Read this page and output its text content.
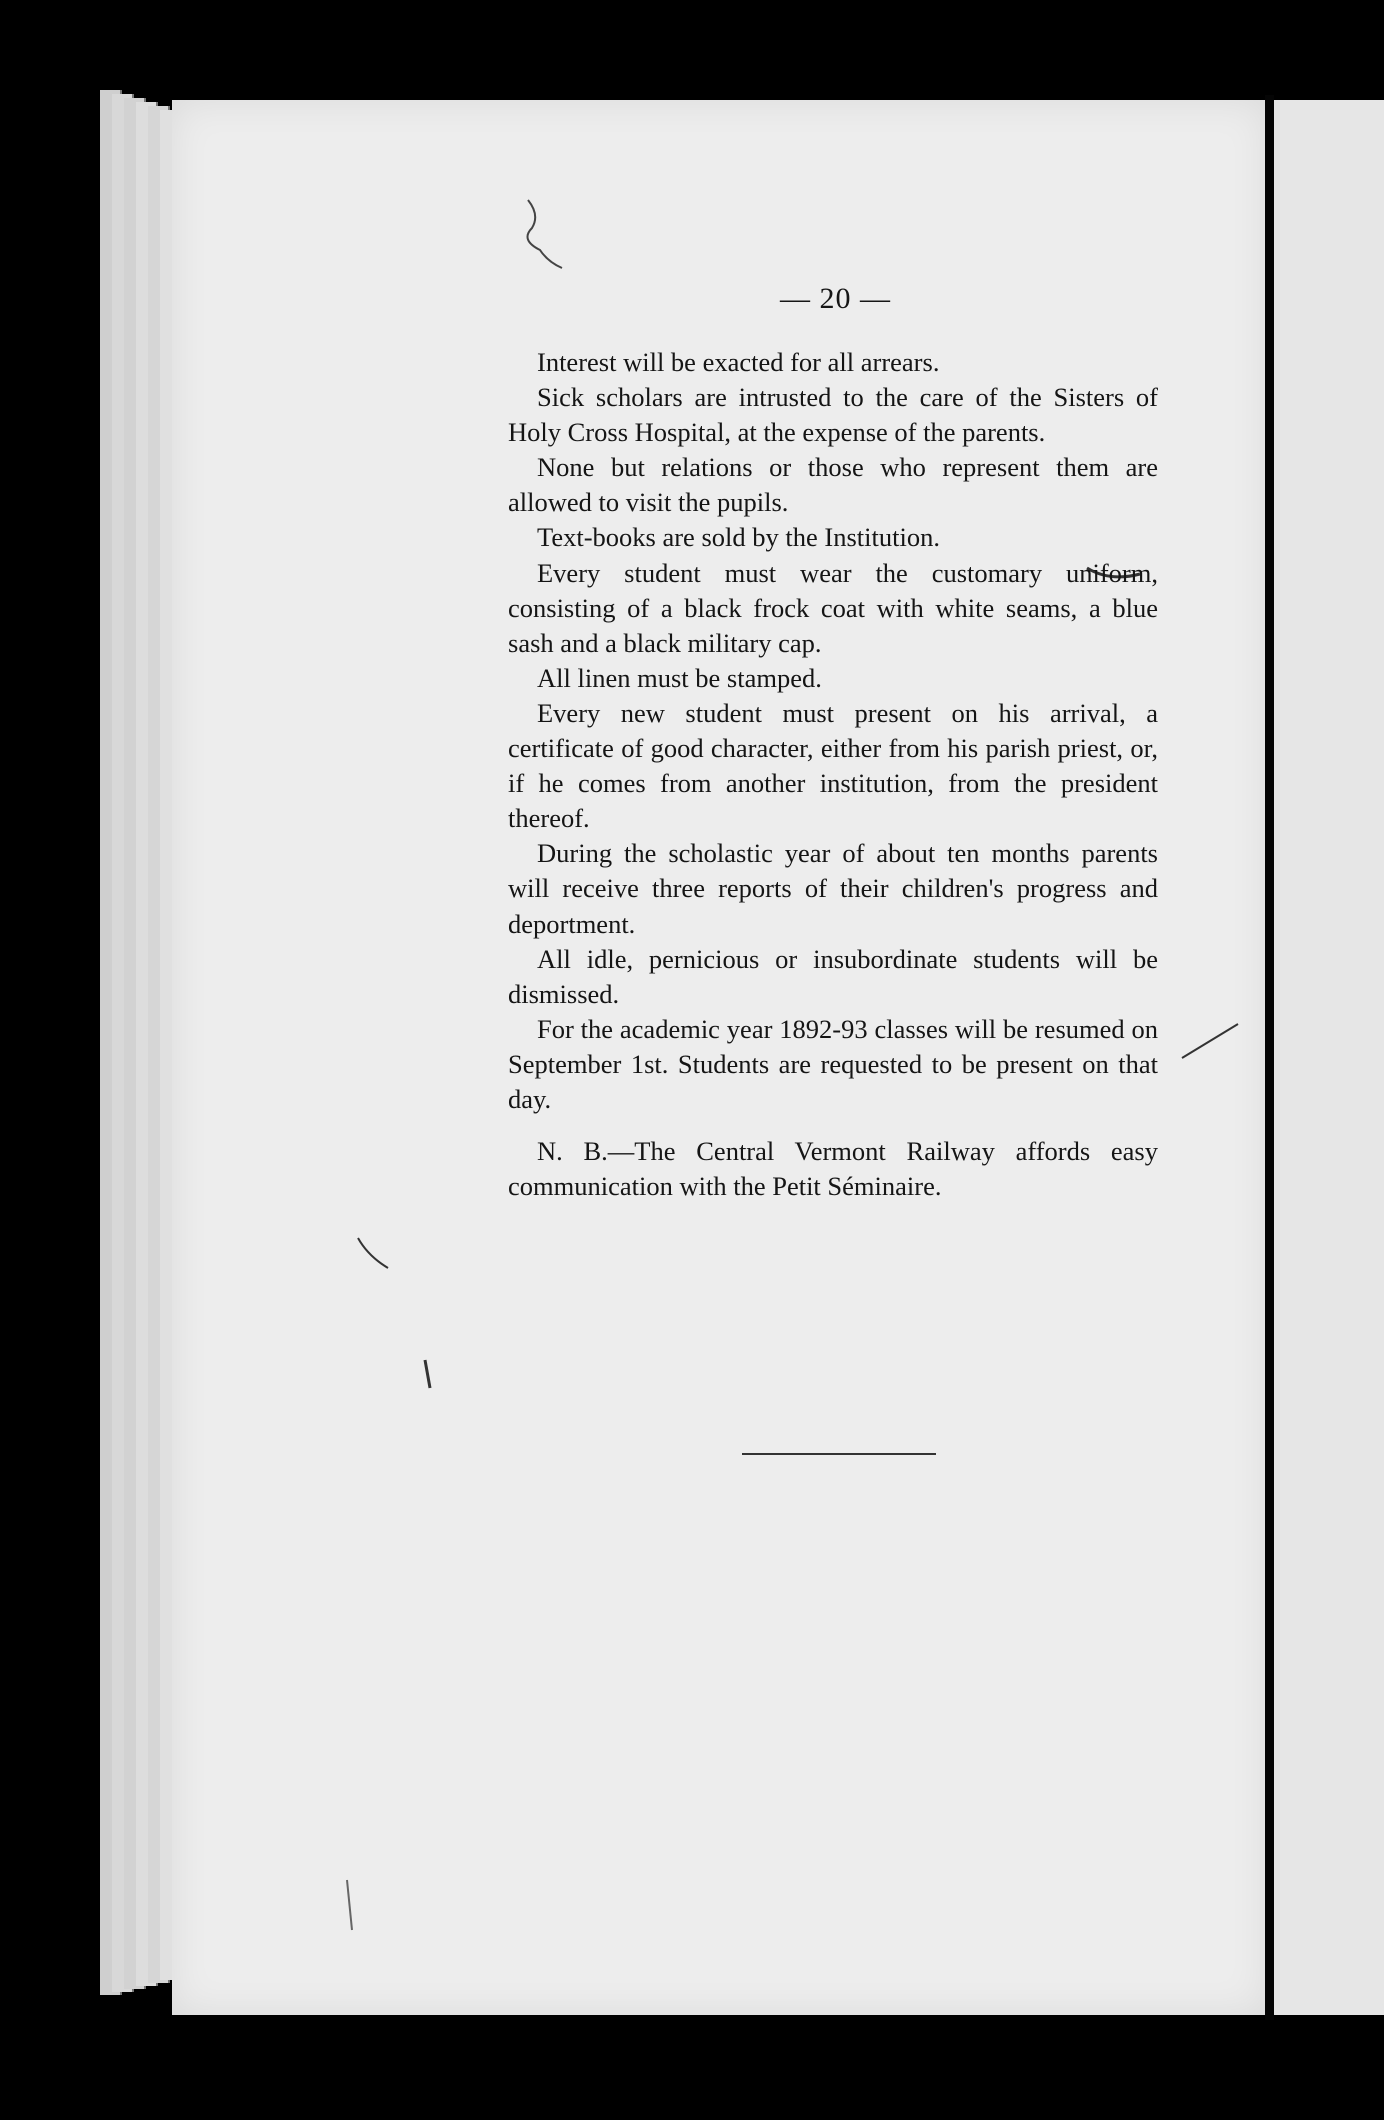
— 20 —

Interest will be exacted for all arrears.

Sick scholars are intrusted to the care of the Sisters of Holy Cross Hospital, at the expense of the parents.

None but relations or those who represent them are allowed to visit the pupils.

Text-books are sold by the Institution.

Every student must wear the customary uniform, consisting of a black frock coat with white seams, a blue sash and a black military cap.

All linen must be stamped.

Every new student must present on his arrival, a certificate of good character, either from his parish priest, or, if he comes from another institution, from the president thereof.

During the scholastic year of about ten months parents will receive three reports of their children's progress and deportment.

All idle, pernicious or insubordinate students will be dismissed.

For the academic year 1892-93 classes will be resumed on September 1st. Students are requested to be present on that day.

N. B.—The Central Vermont Railway affords easy communication with the Petit Séminaire.
